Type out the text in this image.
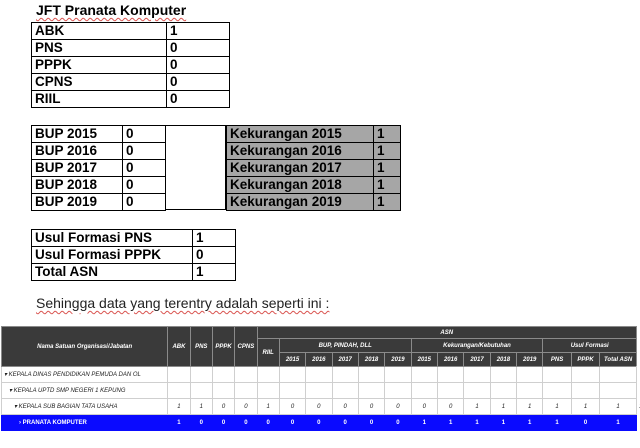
JFT Pranata Komputer
ABK	1
PNS	0
PPPK	0
CPNS	0
RIIL	0
BUP 2015	0
BUP 2016	0
BUP 2017	0
BUP 2018	0
BUP 2019	0
Kekurangan 2015	1
Kekurangan 2016	1
Kekurangan 2017	1
Kekurangan 2018	1
Kekurangan 2019	1
Usul Formasi PNS	1
Usul Formasi PPPK	0
Total ASN	1
Sehingga data yang terentry adalah seperti ini :
Nama Satuan Organisasi/Jabatan	ABK	PNS	PPPK	CPNS	ASN														
					RIIL	BUP, PINDAH, DLL					Kekurangan/Kebutuhan					Usul Formasi			
						2015	2016	2017	2018	2019	2015	2016	2017	2018	2019	PNS	PPPK	Total ASN	
▾ KEPALA DINAS PENDIDIKAN PEMUDA DAN OL																			
▾ KEPALA UPTD SMP NEGERI 1 KEPUNG																			
▾ KEPALA SUB BAGIAN TATA USAHA	1	1	0	0	1	0	0	0	0	0	0	0	1	1	1	1	1	1	
› PRANATA KOMPUTER	1	0	0	0	0	0	0	0	0	0	1	1	1	1	1	1	0	1	
